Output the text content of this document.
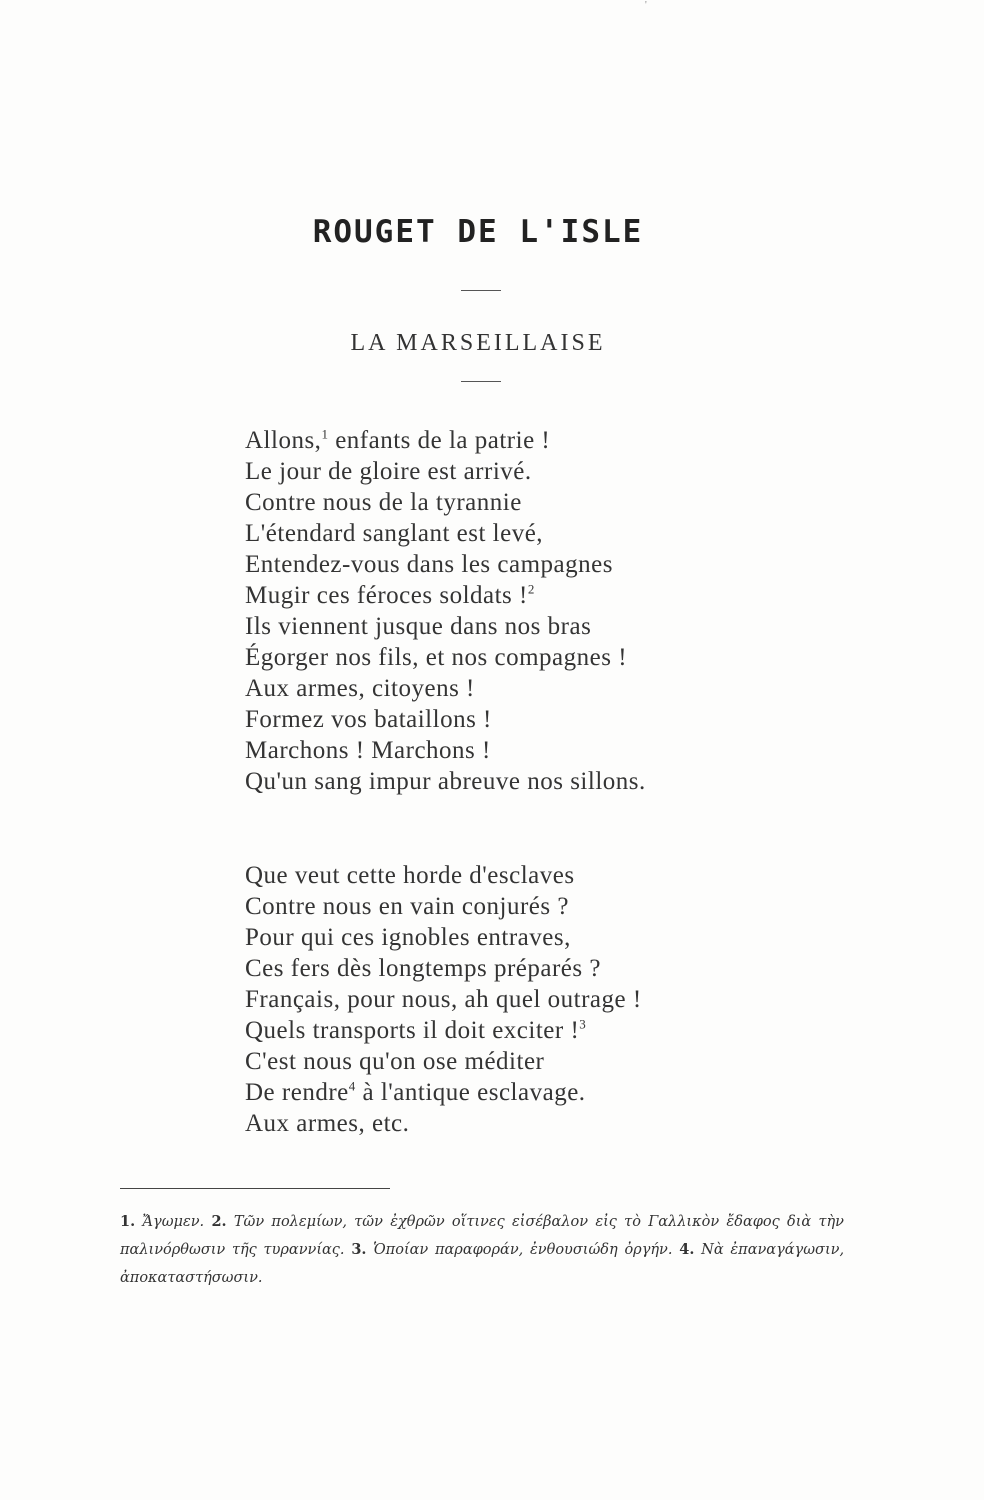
'
ROUGET DE L'ISLE
LA MARSEILLAISE
Allons,$^1$ enfants de la patrie !
Le jour de gloire est arrivé.
Contre nous de la tyrannie
L'étendard sanglant est levé,
Entendez-vous dans les campagnes
Mugir ces féroces soldats !$^2$
Ils viennent jusque dans nos bras
Égorger nos fils, et nos compagnes !
Aux armes, citoyens !
Formez vos bataillons !
Marchons ! Marchons !
Qu'un sang impur abreuve nos sillons.
Que veut cette horde d'esclaves
Contre nous en vain conjurés ?
Pour qui ces ignobles entraves,
Ces fers dès longtemps préparés ?
Français, pour nous, ah quel outrage !
Quels transports il doit exciter !$^3$
C'est nous qu'on ose méditer
De rendre$^4$ à l'antique esclavage.
Aux armes, etc.
1. Ἄγωμεν. 2. Τῶν πολεμίων, τῶν ἐχθρῶν οἵτινες εἰσέβαλον εἰς τὸ Γαλλικὸν ἔδαφος διὰ τὴν παλινόρθωσιν τῆς τυραννίας. 3. Ὁποίαν παραφοράν, ἐνθουσιώδη ὀργήν. 4. Νὰ ἐπαναγάγωσιν, ἀποκαταστήσωσιν.
